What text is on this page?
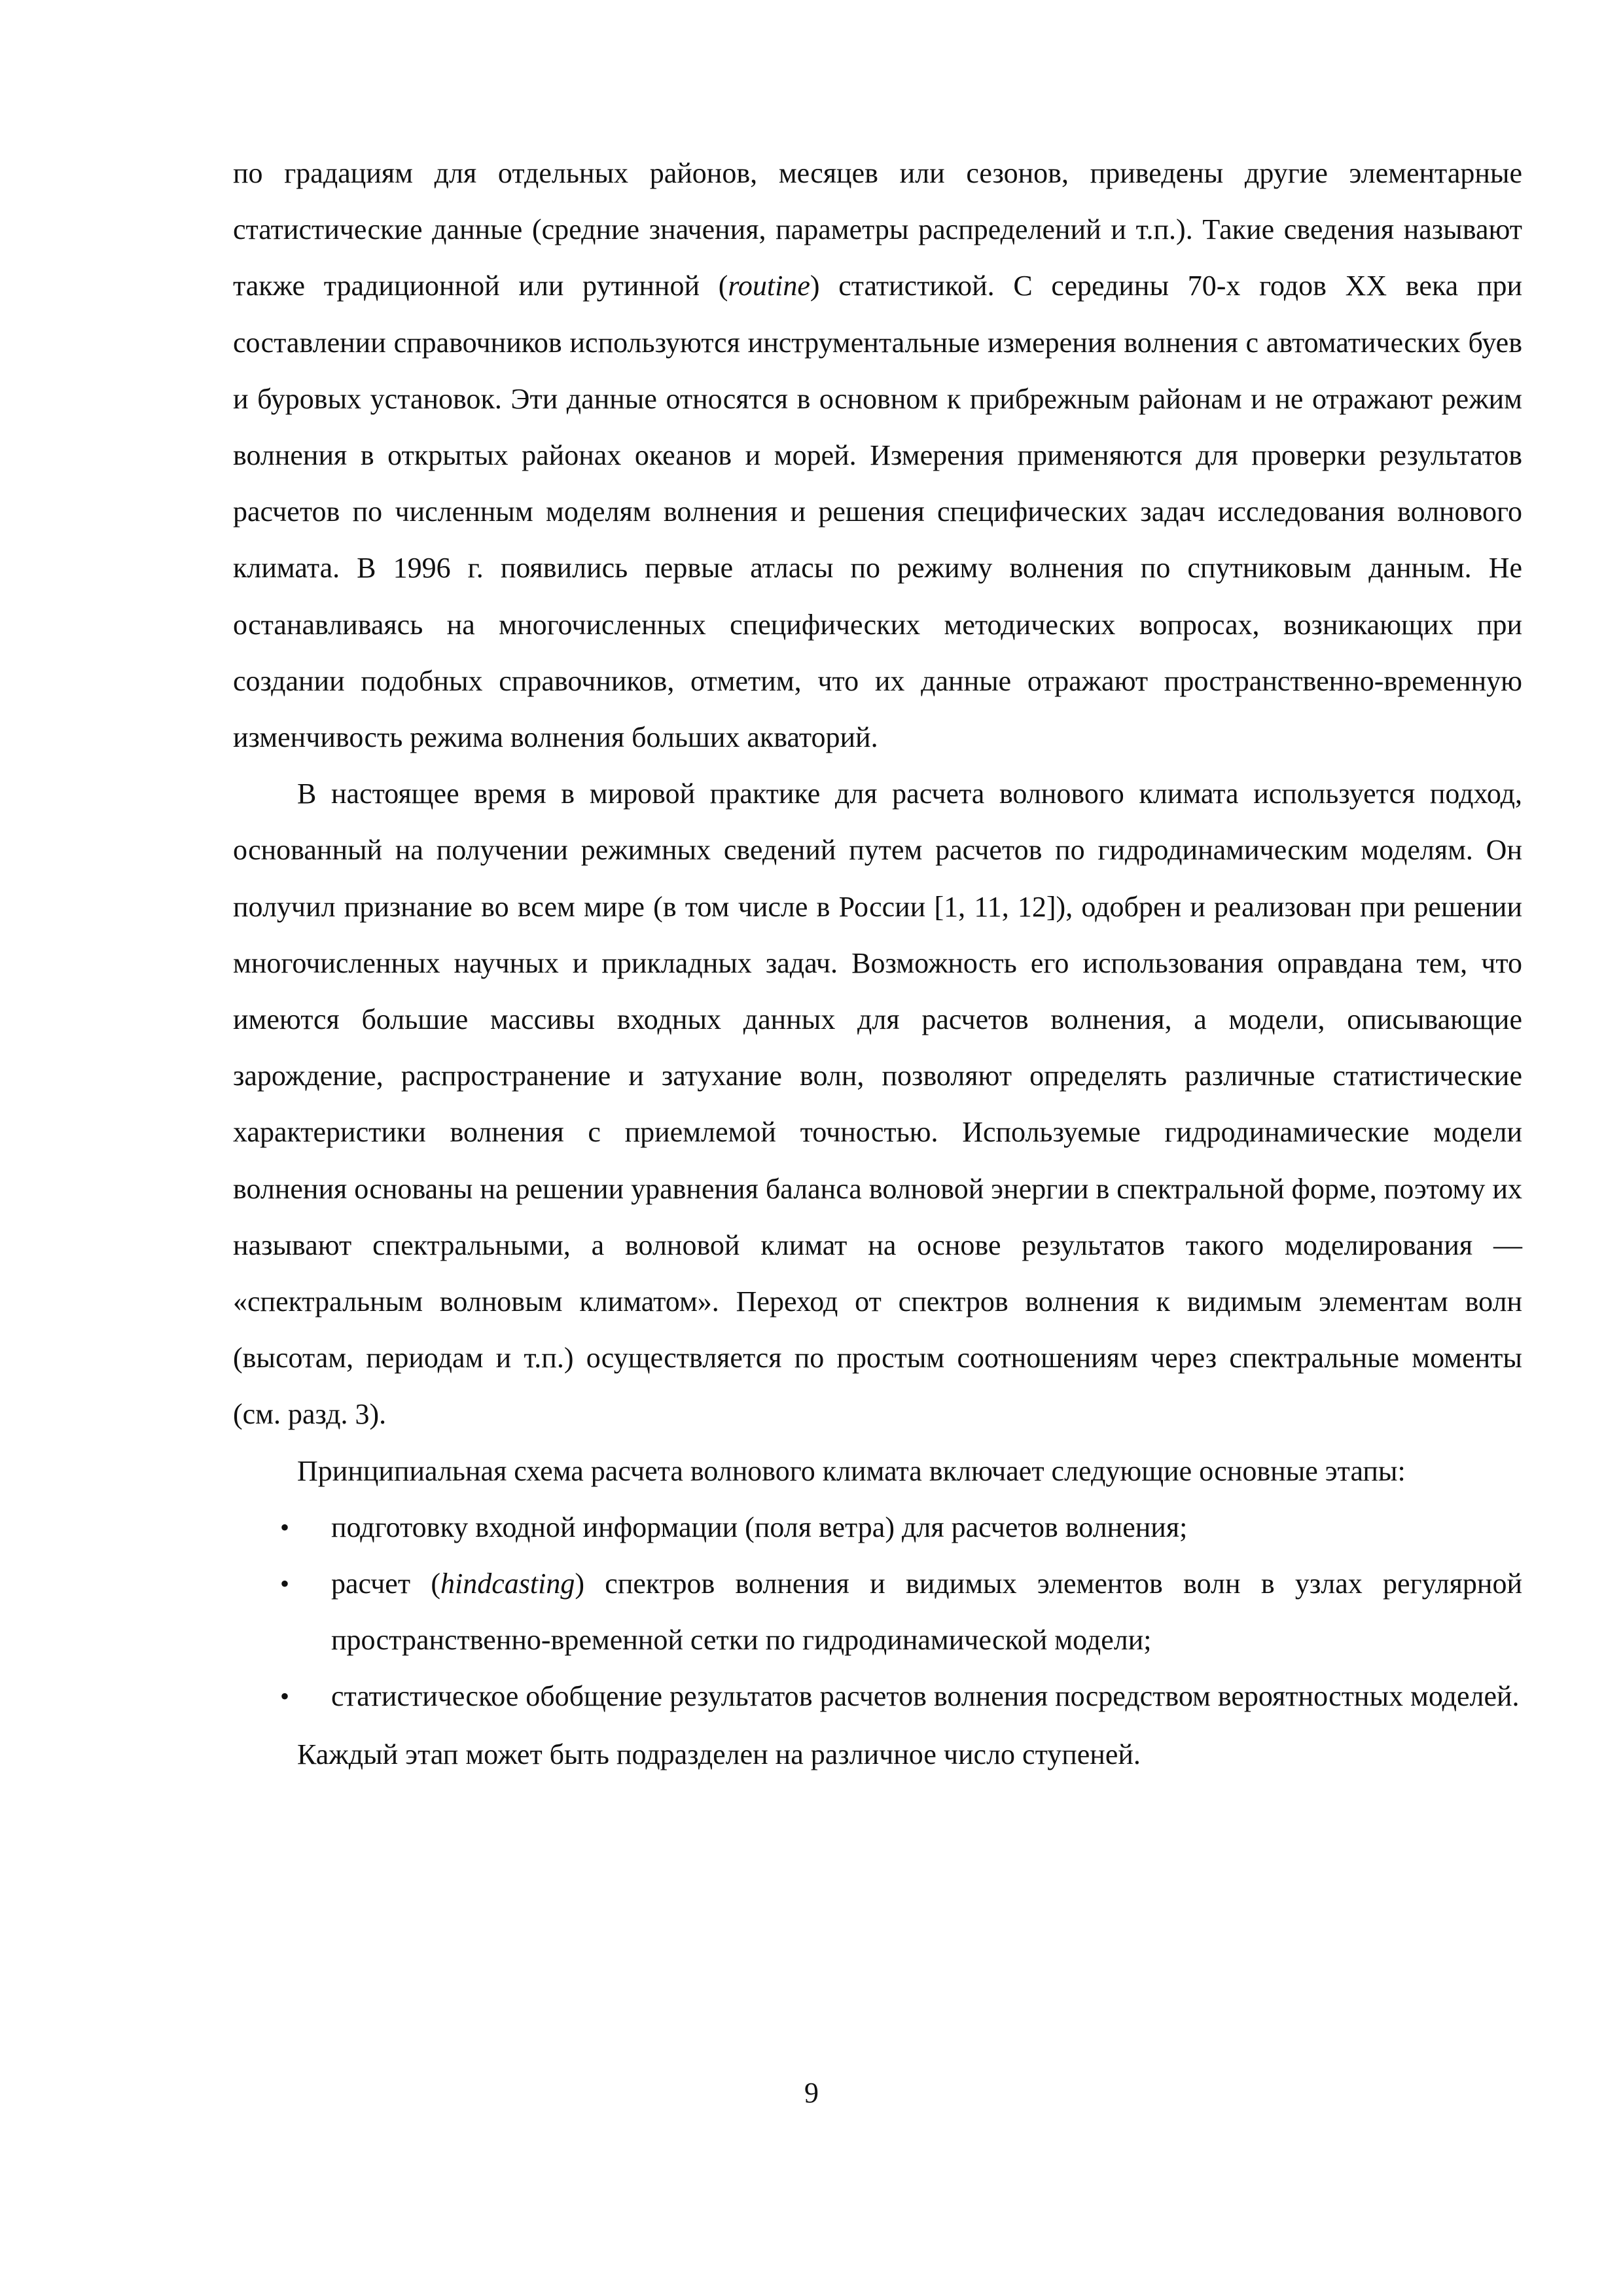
по градациям для отдельных районов, месяцев или сезонов, приведены другие элементарные статистические данные (средние значения, параметры распределений и т.п.). Такие сведения называют также традиционной или рутинной (routine) статистикой. С середины 70-х годов XX века при составлении справочников используются инструментальные измерения волнения с автоматических буев и буровых установок. Эти данные относятся в основном к прибрежным районам и не отражают режим волнения в открытых районах океанов и морей. Измерения применяются для проверки результатов расчетов по численным моделям волнения и решения специфических задач исследования волнового климата. В 1996 г. появились первые атласы по режиму волнения по спутниковым данным. Не останавливаясь на многочисленных специфических методических вопросах, возникающих при создании подобных справочников, отметим, что их данные отражают пространственно-временную изменчивость режима волнения больших акваторий.

В настоящее время в мировой практике для расчета волнового климата используется подход, основанный на получении режимных сведений путем расчетов по гидродинамическим моделям. Он получил признание во всем мире (в том числе в России [1, 11, 12]), одобрен и реализован при решении многочисленных научных и прикладных задач. Возможность его использования оправдана тем, что имеются большие массивы входных данных для расчетов волнения, а модели, описывающие зарождение, распространение и затухание волн, позволяют определять различные статистические характеристики волнения с приемлемой точностью. Используемые гидродинамические модели волнения основаны на решении уравнения баланса волновой энергии в спектральной форме, поэтому их называют спектральными, а волновой климат на основе результатов такого моделирования — «спектральным волновым климатом». Переход от спектров волнения к видимым элементам волн (высотам, периодам и т.п.) осуществляется по простым соотношениям через спектральные моменты (см. разд. 3).

Принципиальная схема расчета волнового климата включает следующие основные этапы:

• подготовку входной информации (поля ветра) для расчетов волнения;
• расчет (hindcasting) спектров волнения и видимых элементов волн в узлах регулярной пространственно-временной сетки по гидродинамической модели;
• статистическое обобщение результатов расчетов волнения посредством вероятностных моделей.

Каждый этап может быть подразделен на различное число ступеней.

9
